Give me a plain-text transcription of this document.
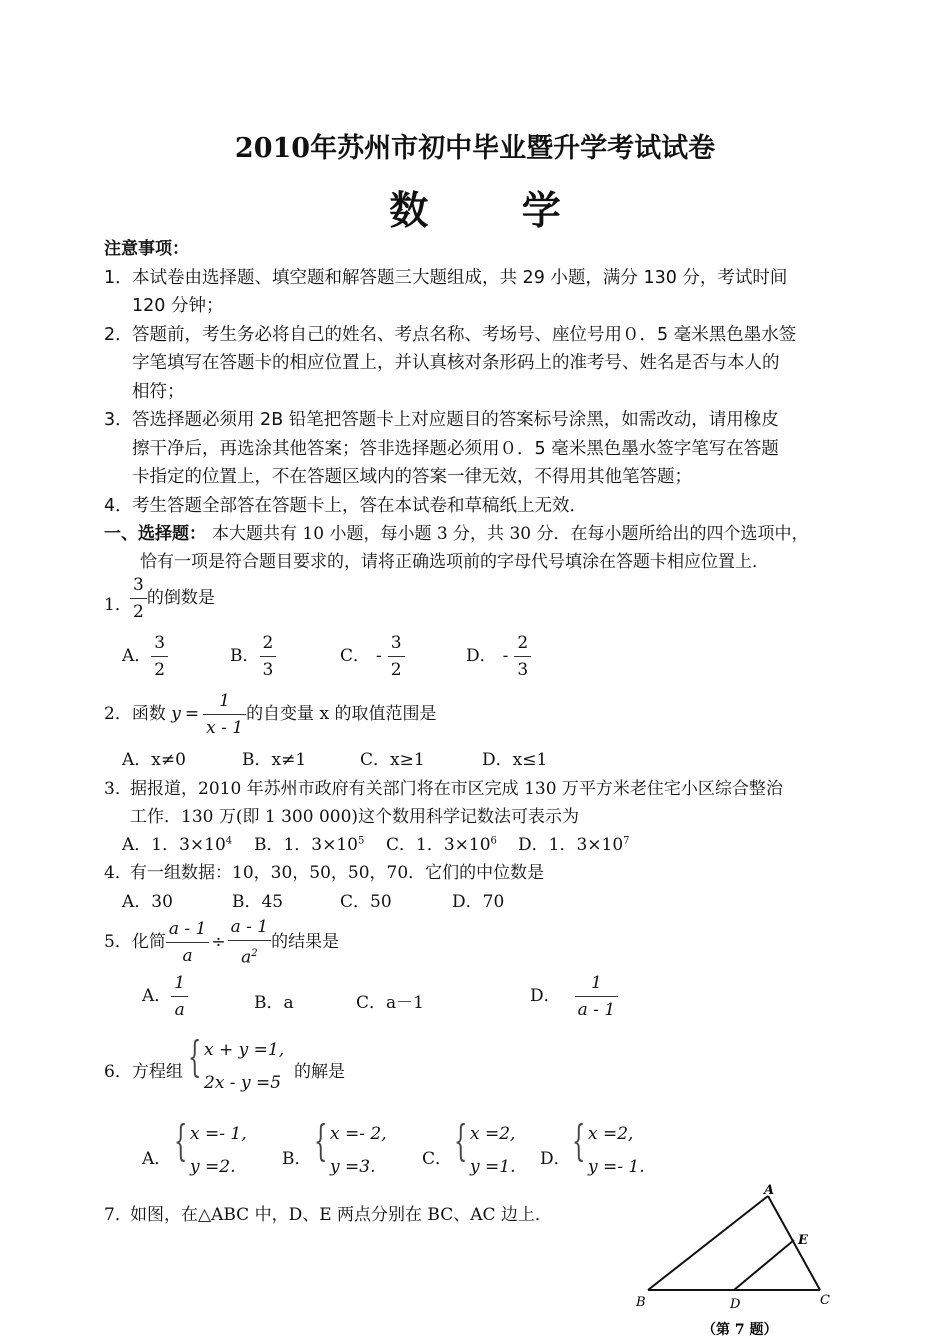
2010年苏州市初中毕业暨升学考试试卷
数 学
注意事项：
1． 本试卷由选择题、填空题和解答题三大题组成，共 29 小题，满分 130 分，考试时间
120 分钟；
2． 答题前，考生务必将自己的姓名、考点名称、考场号、座位号用０．5 毫米黑色墨水签
字笔填写在答题卡的相应位置上，并认真核对条形码上的准考号、姓名是否与本人的
相符；
3． 答选择题必须用 2B 铅笔把答题卡上对应题目的答案标号涂黑，如需改动，请用橡皮
擦干净后，再选涂其他答案；答非选择题必须用０．5 毫米黑色墨水签字笔写在答题
卡指定的位置上，不在答题区域内的答案一律无效，不得用其他笔答题；
4． 考生答题全部答在答题卡上，答在本试卷和草稿纸上无效．
一、选择题： 本大题共有 10 小题，每小题 3 分，共 30 分．在每小题所给出的四个选项中，
恰有一项是符合题目要求的，请将正确选项前的字母代号填涂在答题卡相应位置上．
1．
$\frac{3}{2}$ 的倒数是
A． $\frac{3}{2}$	B． $\frac{2}{3}$	C． - $\frac{3}{2}$	D． - $\frac{2}{3}$
2．函数 $y = \frac{1}{x - 1}$ 的自变量 x 的取值范围是
A．x≠0	B．x≠1	C．x≥1	D．x≤1
3．
据报道，2010 年苏州市政府有关部门将在市区完成 130 万平方米老住宅小区综合整治
工作．130 万(即 1 300 000)这个数用科学记数法可表示为
A．1．$3\times 10^4$ B．1．$3\times 10^5$ C．1．$3\times 10^6$ D．1．$3\times 10^7$
4．
有一组数据：10，30，50，50，70．它们的中位数是
A．30	B．45	C．50	D．70
5．化简 $\frac{a - 1}{a} \div \frac{a - 1}{a^2}$ 的结果是
A． $\frac{1}{a}$	B．a	C．a－1	D． $\frac{1}{a - 1}$
6．方程组 { x + y =1,
2x - y =5
的解是
A． { x =- 1,
y =2.	B． { x =- 2,
y =3.	C． { x =2,
y =1. D． { x =2,
y =- 1.
7．
如图，在△ABC 中，D、E 两点分别在 BC、AC 边上．
A
E
B	D	C
（第 7 题）
